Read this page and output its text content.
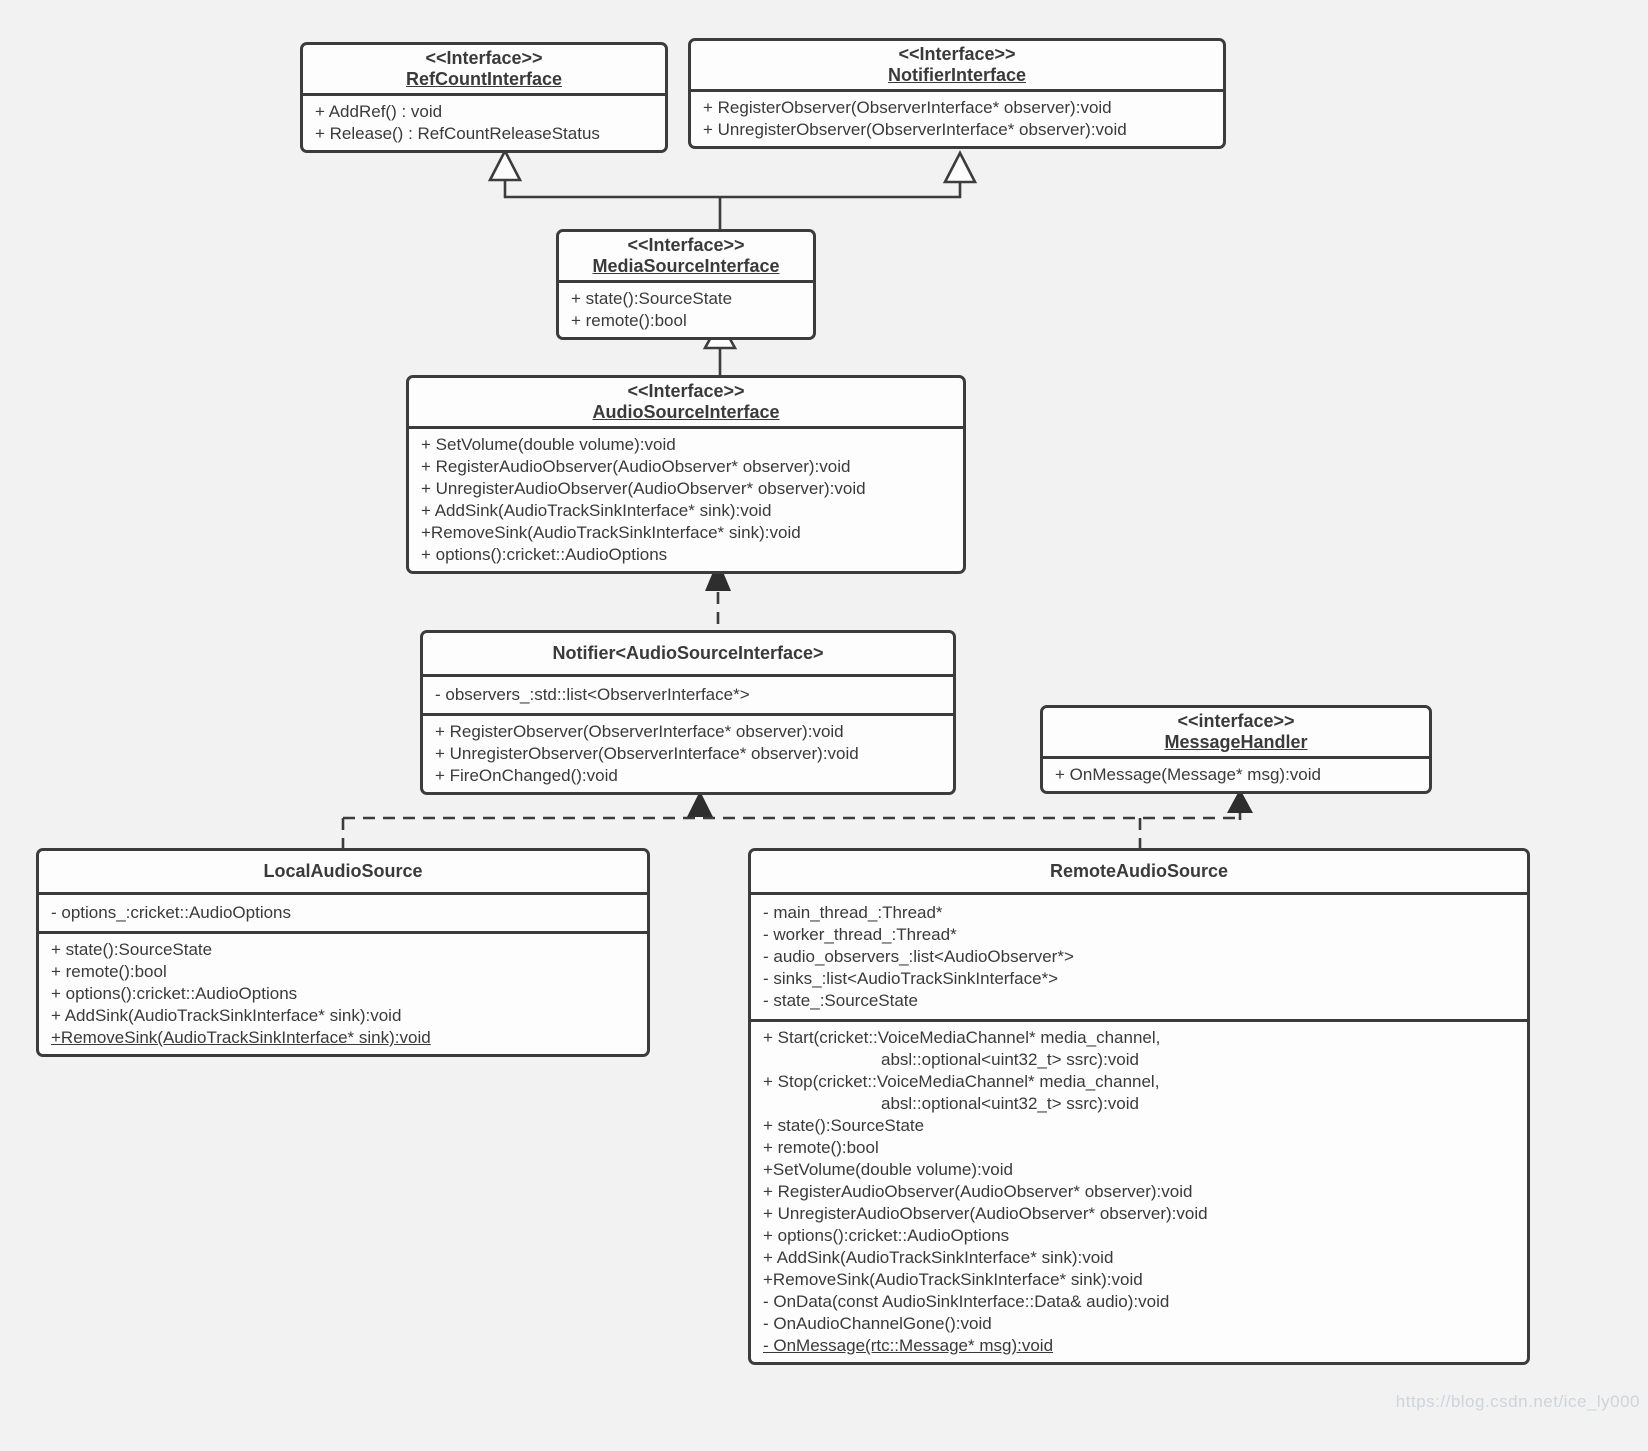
<<Interface>>
RefCountInterface
+ AddRef() : void
+ Release() : RefCountReleaseStatus
<<Interface>>
NotifierInterface
+ RegisterObserver(ObserverInterface* observer):void
+ UnregisterObserver(ObserverInterface* observer):void
<<Interface>>
MediaSourceInterface
+ state():SourceState
+ remote():bool
<<Interface>>
AudioSourceInterface
+ SetVolume(double volume):void
+ RegisterAudioObserver(AudioObserver* observer):void
+ UnregisterAudioObserver(AudioObserver* observer):void
+ AddSink(AudioTrackSinkInterface* sink):void
+RemoveSink(AudioTrackSinkInterface* sink):void
+ options():cricket::AudioOptions
Notifier<AudioSourceInterface>
- observers_:std::list<ObserverInterface*>
+ RegisterObserver(ObserverInterface* observer):void
+ UnregisterObserver(ObserverInterface* observer):void
+ FireOnChanged():void
<<interface>>
MessageHandler
+ OnMessage(Message* msg):void
LocalAudioSource
- options_:cricket::AudioOptions
+ state():SourceState
+ remote():bool
+ options():cricket::AudioOptions
+ AddSink(AudioTrackSinkInterface* sink):void
+RemoveSink(AudioTrackSinkInterface* sink):void
RemoteAudioSource
- main_thread_:Thread*
- worker_thread_:Thread*
- audio_observers_:list<AudioObserver*>
- sinks_:list<AudioTrackSinkInterface*>
- state_:SourceState
+ Start(cricket::VoiceMediaChannel* media_channel,
absl::optional<uint32_t> ssrc):void
+ Stop(cricket::VoiceMediaChannel* media_channel,
absl::optional<uint32_t> ssrc):void
+ state():SourceState
+ remote():bool
+SetVolume(double volume):void
+ RegisterAudioObserver(AudioObserver* observer):void
+ UnregisterAudioObserver(AudioObserver* observer):void
+ options():cricket::AudioOptions
+ AddSink(AudioTrackSinkInterface* sink):void
+RemoveSink(AudioTrackSinkInterface* sink):void
- OnData(const AudioSinkInterface::Data& audio):void
- OnAudioChannelGone():void
- OnMessage(rtc::Message* msg):void
https://blog.csdn.net/ice_ly000
